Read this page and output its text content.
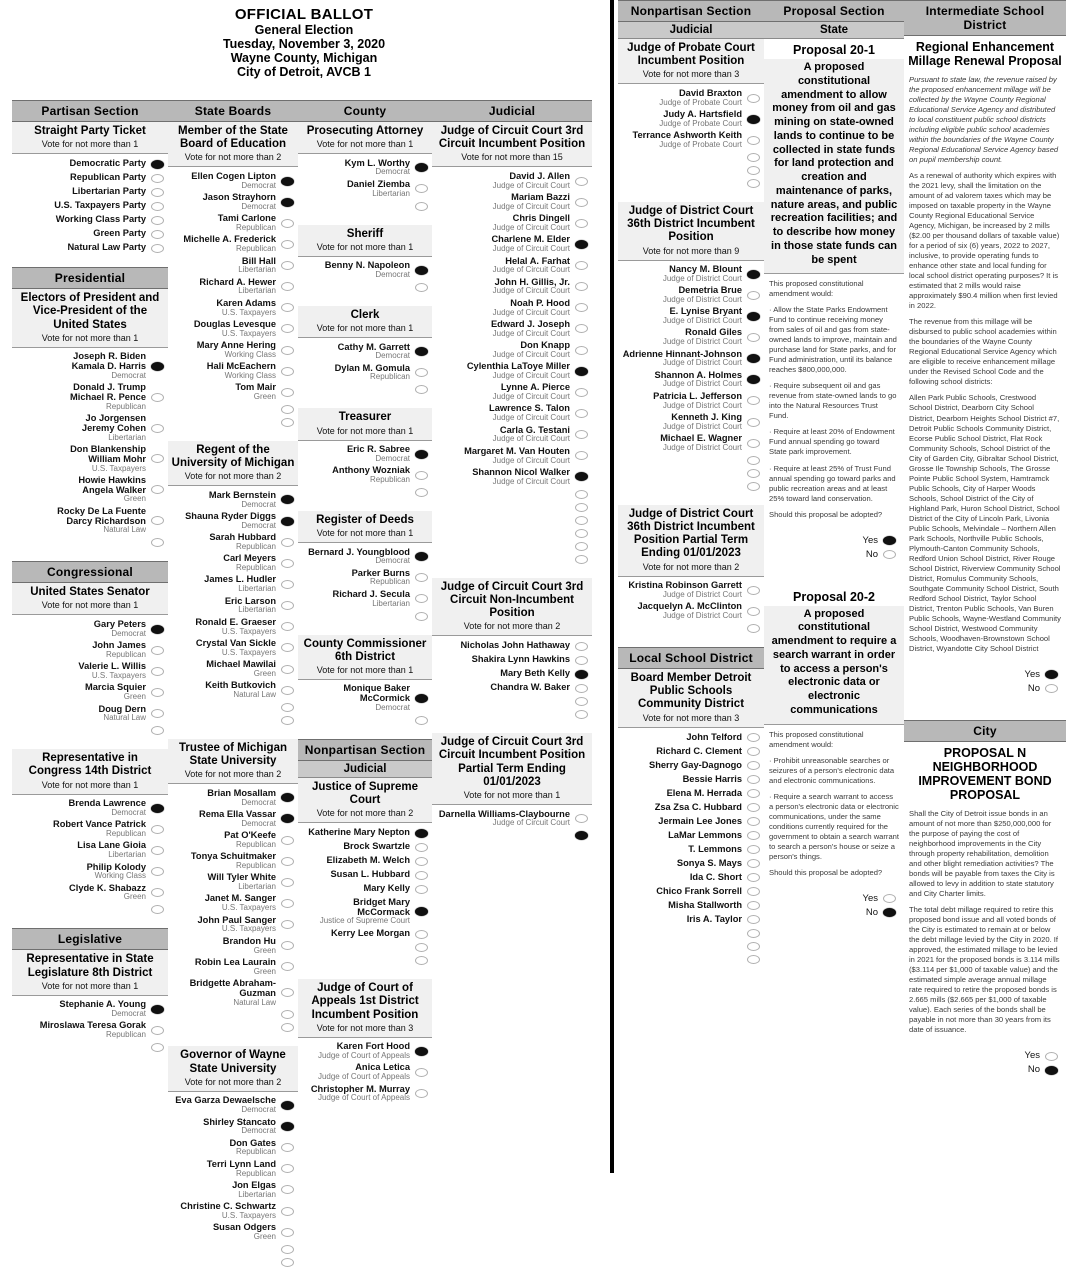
OFFICIAL BALLOT
General Election
Tuesday, November 3, 2020
Wayne County, Michigan
City of Detroit, AVCB 1
Partisan Section
Straight Party Ticket
Vote for not more than 1
Democratic Party
Republican Party
Libertarian Party
U.S. Taxpayers Party
Working Class Party
Green Party
Natural Law Party
Presidential
Electors of President and Vice-President of the United States
Vote for not more than 1
Joseph R. Biden
Kamala D. Harris
Democrat
Donald J. Trump
Michael R. Pence
Republican
Jo Jorgensen
Jeremy Cohen
Libertarian
Don Blankenship
William Mohr
U.S. Taxpayers
Howie Hawkins
Angela Walker
Green
Rocky De La Fuente
Darcy Richardson
Natural Law
Congressional
United States Senator
Vote for not more than 1
Gary Peters
Democrat
John James
Republican
Valerie L. Willis
U.S. Taxpayers
Marcia Squier
Green
Doug Dern
Natural Law
Representative in Congress 14th District
Vote for not more than 1
Brenda Lawrence
Democrat
Robert Vance Patrick
Republican
Lisa Lane Gioia
Libertarian
Philip Kolody
Working Class
Clyde K. Shabazz
Green
Legislative
Representative in State Legislature 8th District
Vote for not more than 1
Stephanie A. Young
Democrat
Miroslawa Teresa Gorak
Republican
State Boards
Member of the State Board of Education
Vote for not more than 2
Ellen Cogen Lipton
Democrat
Jason Strayhorn
Democrat
Tami Carlone
Republican
Michelle A. Frederick
Republican
Bill Hall
Libertarian
Richard A. Hewer
Libertarian
Karen Adams
U.S. Taxpayers
Douglas Levesque
U.S. Taxpayers
Mary Anne Hering
Working Class
Hali McEachern
Working Class
Tom Mair
Green
Regent of the University of Michigan
Vote for not more than 2
Mark Bernstein
Democrat
Shauna Ryder Diggs
Democrat
Sarah Hubbard
Republican
Carl Meyers
Republican
James L. Hudler
Libertarian
Eric Larson
Libertarian
Ronald E. Graeser
U.S. Taxpayers
Crystal Van Sickle
U.S. Taxpayers
Michael Mawilai
Green
Keith Butkovich
Natural Law
Trustee of Michigan State University
Vote for not more than 2
Brian Mosallam
Democrat
Rema Ella Vassar
Democrat
Pat O'Keefe
Republican
Tonya Schuitmaker
Republican
Will Tyler White
Libertarian
Janet M. Sanger
U.S. Taxpayers
John Paul Sanger
U.S. Taxpayers
Brandon Hu
Green
Robin Lea Laurain
Green
Bridgette Abraham-Guzman
Natural Law
Governor of Wayne State University
Vote for not more than 2
Eva Garza Dewaelsche
Democrat
Shirley Stancato
Democrat
Don Gates
Republican
Terri Lynn Land
Republican
Jon Elgas
Libertarian
Christine C. Schwartz
U.S. Taxpayers
Susan Odgers
Green
County
Prosecuting Attorney
Vote for not more than 1
Kym L. Worthy
Democrat
Daniel Ziemba
Libertarian
Sheriff
Vote for not more than 1
Benny N. Napoleon
Democrat
Clerk
Vote for not more than 1
Cathy M. Garrett
Democrat
Dylan M. Gomula
Republican
Treasurer
Vote for not more than 1
Eric R. Sabree
Democrat
Anthony Wozniak
Republican
Register of Deeds
Vote for not more than 1
Bernard J. Youngblood
Democrat
Parker Burns
Republican
Richard J. Secula
Libertarian
County Commissioner 6th District
Vote for not more than 1
Monique Baker McCormick
Democrat
Nonpartisan Section
Judicial
Justice of Supreme Court
Vote for not more than 2
Katherine Mary Nepton
Brock Swartzle
Elizabeth M. Welch
Susan L. Hubbard
Mary Kelly
Bridget Mary McCormack
Justice of Supreme Court
Kerry Lee Morgan
Judge of Court of Appeals 1st District Incumbent Position
Vote for not more than 3
Karen Fort Hood
Judge of Court of Appeals
Anica Letica
Judge of Court of Appeals
Christopher M. Murray
Judge of Court of Appeals
Judicial
Judge of Circuit Court 3rd Circuit Incumbent Position
Vote for not more than 15
David J. Allen
Judge of Circuit Court
Mariam Bazzi
Judge of Circuit Court
Chris Dingell
Judge of Circuit Court
Charlene M. Elder
Judge of Circuit Court
Helal A. Farhat
Judge of Circuit Court
John H. Gillis, Jr.
Judge of Circuit Court
Noah P. Hood
Judge of Circuit Court
Edward J. Joseph
Judge of Circuit Court
Don Knapp
Judge of Circuit Court
Cylenthia LaToye Miller
Judge of Circuit Court
Lynne A. Pierce
Judge of Circuit Court
Lawrence S. Talon
Judge of Circuit Court
Carla G. Testani
Judge of Circuit Court
Margaret M. Van Houten
Judge of Circuit Court
Shannon Nicol Walker
Judge of Circuit Court
Judge of Circuit Court 3rd Circuit Non-Incumbent Position
Vote for not more than 2
Nicholas John Hathaway
Shakira Lynn Hawkins
Mary Beth Kelly
Chandra W. Baker
Judge of Circuit Court 3rd Circuit Incumbent Position Partial Term Ending 01/01/2023
Vote for not more than 1
Darnella Williams-Claybourne
Judge of Circuit Court
Nonpartisan Section
Judicial
Judge of Probate Court Incumbent Position
Vote for not more than 3
David Braxton
Judge of Probate Court
Judy A. Hartsfield
Judge of Probate Court
Terrance Ashworth Keith
Judge of Probate Court
Judge of District Court 36th District Incumbent Position
Vote for not more than 9
Nancy M. Blount
Judge of District Court
Demetria Brue
Judge of District Court
E. Lynise Bryant
Judge of District Court
Ronald Giles
Judge of District Court
Adrienne Hinnant-Johnson
Judge of District Court
Shannon A. Holmes
Judge of District Court
Patricia L. Jefferson
Judge of District Court
Kenneth J. King
Judge of District Court
Michael E. Wagner
Judge of District Court
Judge of District Court 36th District Incumbent Position Partial Term Ending 01/01/2023
Vote for not more than 2
Kristina Robinson Garrett
Judge of District Court
Jacquelyn A. McClinton
Judge of District Court
Local School District
Board Member Detroit Public Schools Community District
Vote for not more than 3
John Telford
Richard C. Clement
Sherry Gay-Dagnogo
Bessie Harris
Elena M. Herrada
Zsa Zsa C. Hubbard
Jermain Lee Jones
LaMar Lemmons
T. Lemmons
Sonya S. Mays
Ida C. Short
Chico Frank Sorrell
Misha Stallworth
Iris A. Taylor
Proposal Section
State
Proposal 20-1
A proposed constitutional amendment to allow money from oil and gas mining on state-owned lands to continue to be collected in state funds for land protection and creation and maintenance of parks, nature areas, and public recreation facilities; and to describe how money in those state funds can be spent

This proposed constitutional amendment would:

· Allow the State Parks Endowment Fund to continue receiving money from sales of oil and gas from state-owned lands to improve, maintain and purchase land for State parks, and for Fund administration, until its balance reaches $800,000,000.

· Require subsequent oil and gas revenue from state-owned lands to go into the Natural Resources Trust Fund.

· Require at least 20% of Endowment Fund annual spending go toward State park improvement.

· Require at least 25% of Trust Fund annual spending go toward parks and public recreation areas and at least 25% toward land conservation.

Should this proposal be adopted?

Yes
No
Proposal 20-2
A proposed constitutional amendment to require a search warrant in order to access a person's electronic data or electronic communications

This proposed constitutional amendment would:

· Prohibit unreasonable searches or seizures of a person's electronic data and electronic communications.

· Require a search warrant to access a person's electronic data or electronic communications, under the same conditions currently required for the government to obtain a search warrant to search a person's house or seize a person's things.

Should this proposal be adopted?

Yes
No
Intermediate School District
Regional Enhancement Millage Renewal Proposal

Pursuant to state law, the revenue raised by the proposed enhancement millage will be collected by the Wayne County Regional Educational Service Agency and distributed to local constituent public school districts including eligible public school academies within the boundaries of the Wayne County Regional Educational Service Agency based on pupil membership count.

As a renewal of authority which expires with the 2021 levy, shall the limitation on the amount of ad valorem taxes which may be imposed on taxable property in the Wayne County Regional Educational Service Agency, Michigan, be increased by 2 mills ($2.00 per thousand dollars of taxable value) for a period of six (6) years, 2022 to 2027, inclusive, to provide operating funds to enhance other state and local funding for local school district operating purposes? It is estimated that 2 mills would raise approximately $90.4 million when first levied in 2022.

The revenue from this millage will be disbursed to public school academies within the boundaries of the Wayne County Regional Educational Service Agency which are eligible to receive enhancement millage under the Revised School Code and the following school districts:

Allen Park Public Schools, Crestwood School District, Dearborn City School District, Dearborn Heights School District #7, Detroit Public Schools Community District, Ecorse Public School District, Flat Rock Community Schools, School District of the City of Garden City, Gibraltar School District, Grosse Ile Township Schools, The Grosse Pointe Public School System, Hamtramck Public Schools, City of Harper Woods Schools, School District of the City of Highland Park, Huron School District, School District of the City of Lincoln Park, Livonia Public Schools, Melvindale – Northern Allen Park Schools, Northville Public Schools, Plymouth-Canton Community Schools, Redford Union School District, River Rouge School District, Riverview Community School District, Romulus Community Schools, Southgate Community School District, South Redford School District, Taylor School District, Trenton Public Schools, Van Buren Public Schools, Wayne-Westland Community School District, Westwood Community Schools, Woodhaven-Brownstown School District, Wyandotte City School District

Yes
No
City
PROPOSAL N NEIGHBORHOOD IMPROVEMENT BOND PROPOSAL

Shall the City of Detroit issue bonds in an amount of not more than $250,000,000 for the purpose of paying the cost of neighborhood improvements in the City through property rehabilitation, demolition and other blight remediation activities? The bonds will be payable from taxes the City is allowed to levy in addition to state statutory and City Charter limits.

The total debt millage required to retire this proposed bond issue and all voted bonds of the City is estimated to remain at or below the debt millage levied by the City in 2020. If approved, the estimated millage to be levied in 2021 for the proposed bonds is 3.114 mills ($3.114 per $1,000 of taxable value) and the estimated simple average annual millage rate required to retire the proposed bonds is 2.665 mills ($2.665 per $1,000 of taxable value). Each series of the bonds shall be payable in not more than 30 years from its date of issuance.

Yes
No
